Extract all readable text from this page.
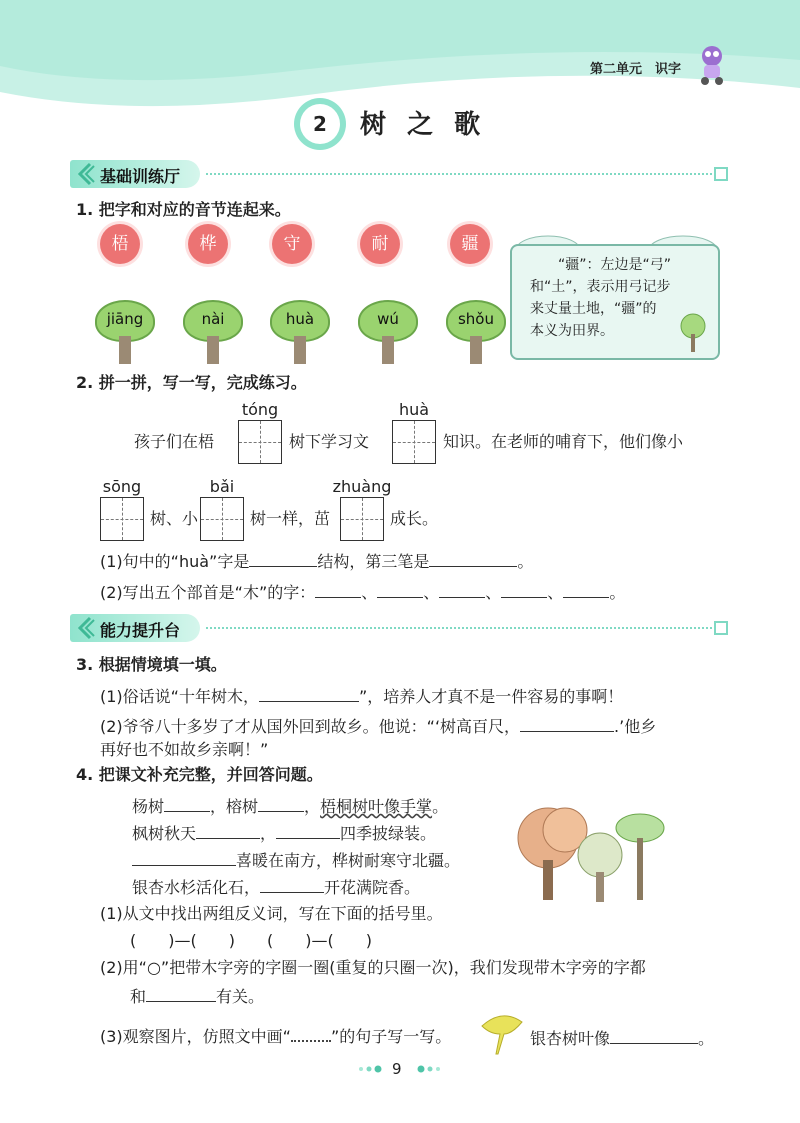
第二单元 识字
2	树 之 歌
基础训练厅
1. 把字和对应的音节连起来。
梧	桦	守	耐	疆
jiāng	nài	huà	wú	shǒu
“疆”：左边是“弓”
和“土”，表示用弓记步
来丈量土地，“疆”的
本义为田界。
2. 拼一拼，写一写，完成练习。
tóng	huà
孩子们在梧	树下学习文	知识。在老师的哺育下，他们像小
sōng	bǎi	zhuàng
树、小	树一样，茁	成长。
(1)句中的“huà”字是	结构，第三笔是	。
(2)写出五个部首是“木”的字：	、	、	、	、	。
能力提升台
3. 根据情境填一填。
(1)俗话说“十年树木，	”，培养人才真不是一件容易的事啊！
(2)爷爷八十多岁了才从国外回到故乡。他说：“‘树高百尺，	.’他乡
再好也不如故乡亲啊！”
4. 把课文补充完整，并回答问题。
杨树	，榕树	，梧桐树叶像手掌。
枫树秋天	，	四季披绿装。
喜暖在南方，桦树耐寒守北疆。
银杏水杉活化石，	开花满院香。
(1)从文中找出两组反义词，写在下面的括号里。
(　　)—(　　)　　(　　)—(　　)
(2)用“○”把带木字旁的字圈一圈(重复的只圈一次)，我们发现带木字旁的字都
和	有关。
(3)观察图片，仿照文中画“	”的句子写一写。	银杏树叶像	。
9
